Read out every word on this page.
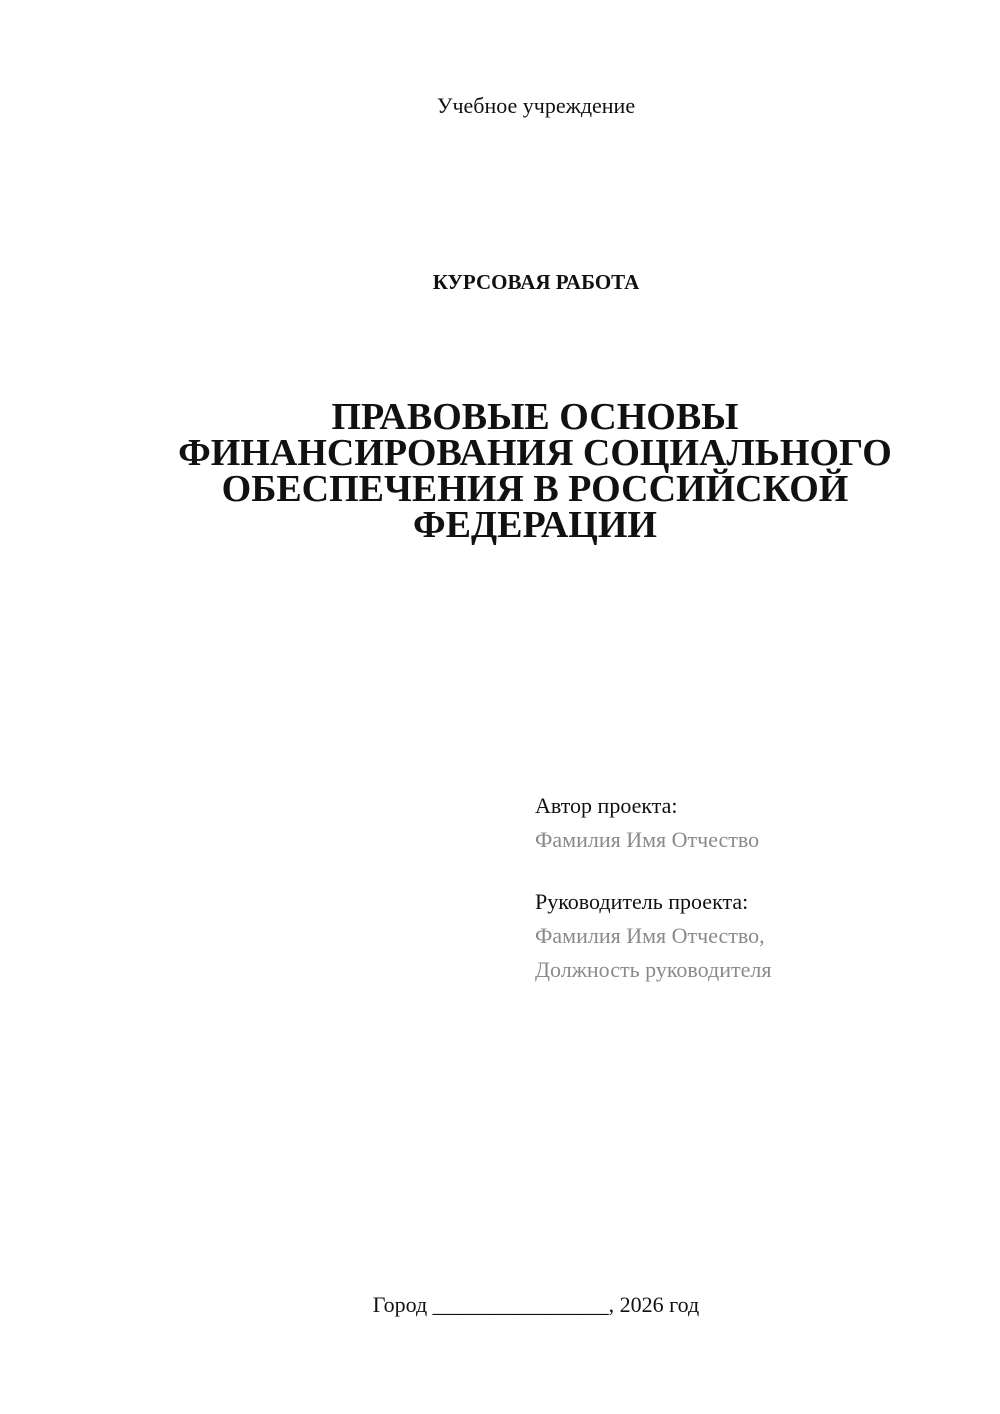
Учебное учреждение
КУРСОВАЯ РАБОТА
ПРАВОВЫЕ ОСНОВЫ
ФИНАНСИРОВАНИЯ СОЦИАЛЬНОГО
ОБЕСПЕЧЕНИЯ В РОССИЙСКОЙ
ФЕДЕРАЦИИ
Автор проекта:
Фамилия Имя Отчество
Руководитель проекта:
Фамилия Имя Отчество,
Должность руководителя
Город ________________, 2026 год
